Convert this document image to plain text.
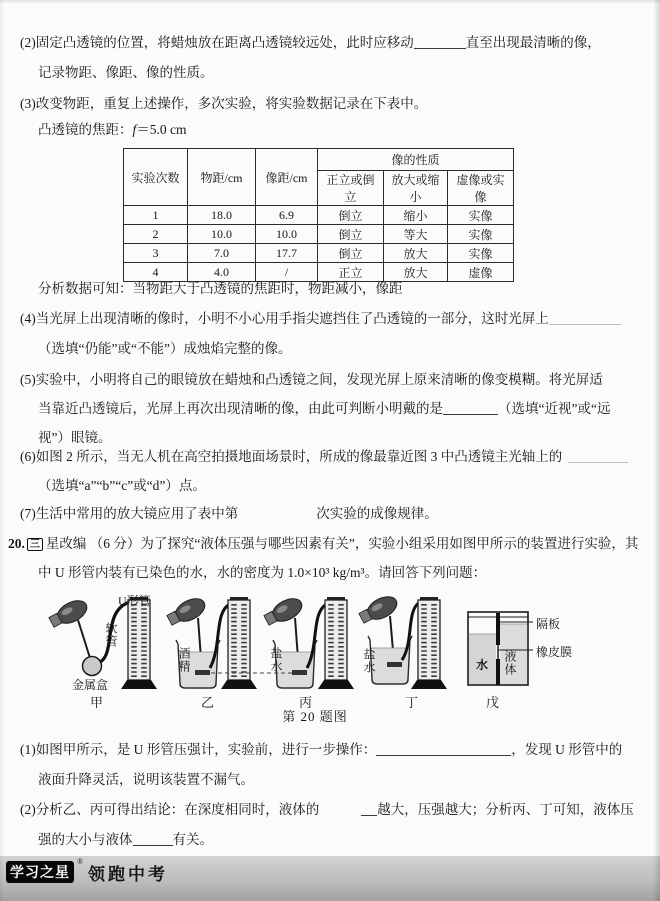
(2)固定凸透镜的位置，将蜡烛放在距离凸透镜较远处，此时应移动	直至出现最清晰的像，
记录物距、像距、像的性质。
(3)改变物距，重复上述操作，多次实验，将实验数据记录在下表中。
凸透镜的焦距：f＝5.0 cm
实验次数	物距/cm	像距/cm	像的性质		
			正立或倒立	放大或缩小	虚像或实像
1	18.0	6.9	倒立	缩小	实像
2	10.0	10.0	倒立	等大	实像
3	7.0	17.7	倒立	放大	实像
4	4.0	/	正立	放大	虚像
分析数据可知：当物距大于凸透镜的焦距时，物距减小，像距
(4)当光屏上出现清晰的像时，小明不小心用手指尖遮挡住了凸透镜的一部分，这时光屏上
（选填“仍能”或“不能”）成烛焰完整的像。
(5)实验中，小明将自己的眼镜放在蜡烛和凸透镜之间，发现光屏上原来清晰的像变模糊。将光屏适
当靠近凸透镜后，光屏上再次出现清晰的像，由此可判断小明戴的是	（选填“近视”或“远
视”）眼镜。
(6)如图 2 所示，当无人机在高空拍摄地面场景时，所成的像最靠近图 3 中凸透镜主光轴上的
（选填“a”“b”“c”或“d”）点。
(7)生活中常用的放大镜应用了表中第	次实验的成像规律。
20. 三 星改编 （6 分）为了探究“液体压强与哪些因素有关”，实验小组采用如图甲所示的装置进行实验，其
中 U 形管内装有已染色的水，水的密度为 1.0×10³ kg/m³。请回答下列问题：
U形管
软管
金属盒
甲
酒精
乙
盐水
丙
盐水
丁
水 液体
隔板
橡皮膜
戊
第 20 题图
(1)如图甲所示，是 U 形管压强计，实验前，进行一步操作：	，发现 U 形管中的
液面升降灵活，说明该装置不漏气。
(2)分析乙、丙可得出结论：在深度相同时，液体的	越大，压强越大；分析丙、丁可知，液体压
强的大小与液体	有关。
学习之星
®
领跑中考
